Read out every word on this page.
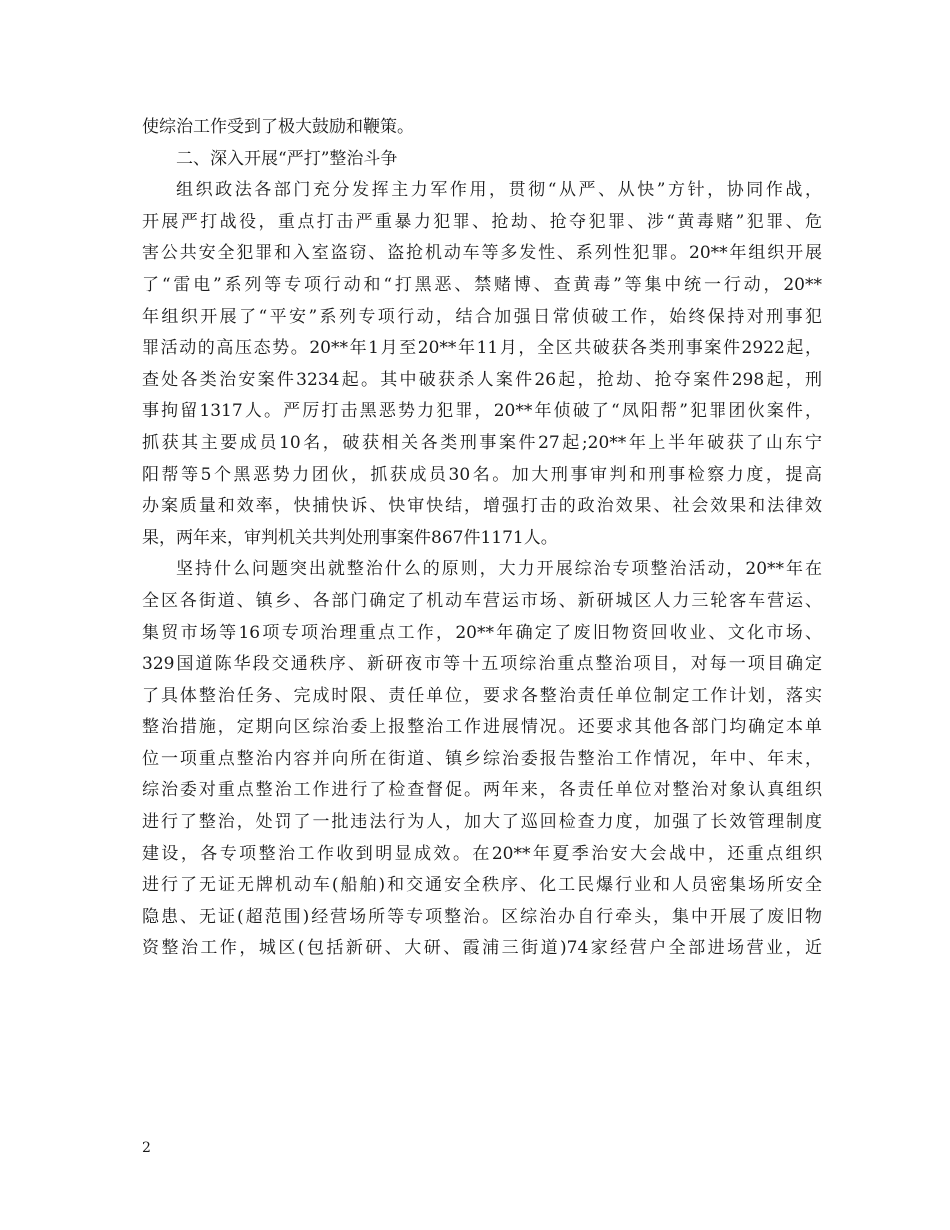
使综治工作受到了极大鼓励和鞭策。
二、深入开展“严打”整治斗争
组织政法各部门充分发挥主力军作用，贯彻“从严、从快”方针，协同作战，
开展严打战役，重点打击严重暴力犯罪、抢劫、抢夺犯罪、涉“黄毒赌”犯罪、危
害公共安全犯罪和入室盗窃、盗抢机动车等多发性、系列性犯罪。20**年组织开展
了“雷电”系列等专项行动和“打黑恶、禁赌博、查黄毒”等集中统一行动，20**
年组织开展了“平安”系列专项行动，结合加强日常侦破工作，始终保持对刑事犯
罪活动的高压态势。20**年1月至20**年11月，全区共破获各类刑事案件2922起，
查处各类治安案件3234起。其中破获杀人案件26起，抢劫、抢夺案件298起，刑
事拘留1317人。严厉打击黑恶势力犯罪，20**年侦破了“凤阳帮”犯罪团伙案件，
抓获其主要成员10名，破获相关各类刑事案件27起;20**年上半年破获了山东宁
阳帮等5个黑恶势力团伙，抓获成员30名。加大刑事审判和刑事检察力度，提高
办案质量和效率，快捕快诉、快审快结，增强打击的政治效果、社会效果和法律效
果，两年来，审判机关共判处刑事案件867件1171人。
坚持什么问题突出就整治什么的原则，大力开展综治专项整治活动，20**年在
全区各街道、镇乡、各部门确定了机动车营运市场、新研城区人力三轮客车营运、
集贸市场等16项专项治理重点工作，20**年确定了废旧物资回收业、文化市场、
329国道陈华段交通秩序、新研夜市等十五项综治重点整治项目，对每一项目确定
了具体整治任务、完成时限、责任单位，要求各整治责任单位制定工作计划，落实
整治措施，定期向区综治委上报整治工作进展情况。还要求其他各部门均确定本单
位一项重点整治内容并向所在街道、镇乡综治委报告整治工作情况，年中、年末，
综治委对重点整治工作进行了检查督促。两年来，各责任单位对整治对象认真组织
进行了整治，处罚了一批违法行为人，加大了巡回检查力度，加强了长效管理制度
建设，各专项整治工作收到明显成效。在20**年夏季治安大会战中，还重点组织
进行了无证无牌机动车(船舶)和交通安全秩序、化工民爆行业和人员密集场所安全
隐患、无证(超范围)经营场所等专项整治。区综治办自行牵头，集中开展了废旧物
资整治工作，城区(包括新研、大研、霞浦三街道)74家经营户全部进场营业，近
2
